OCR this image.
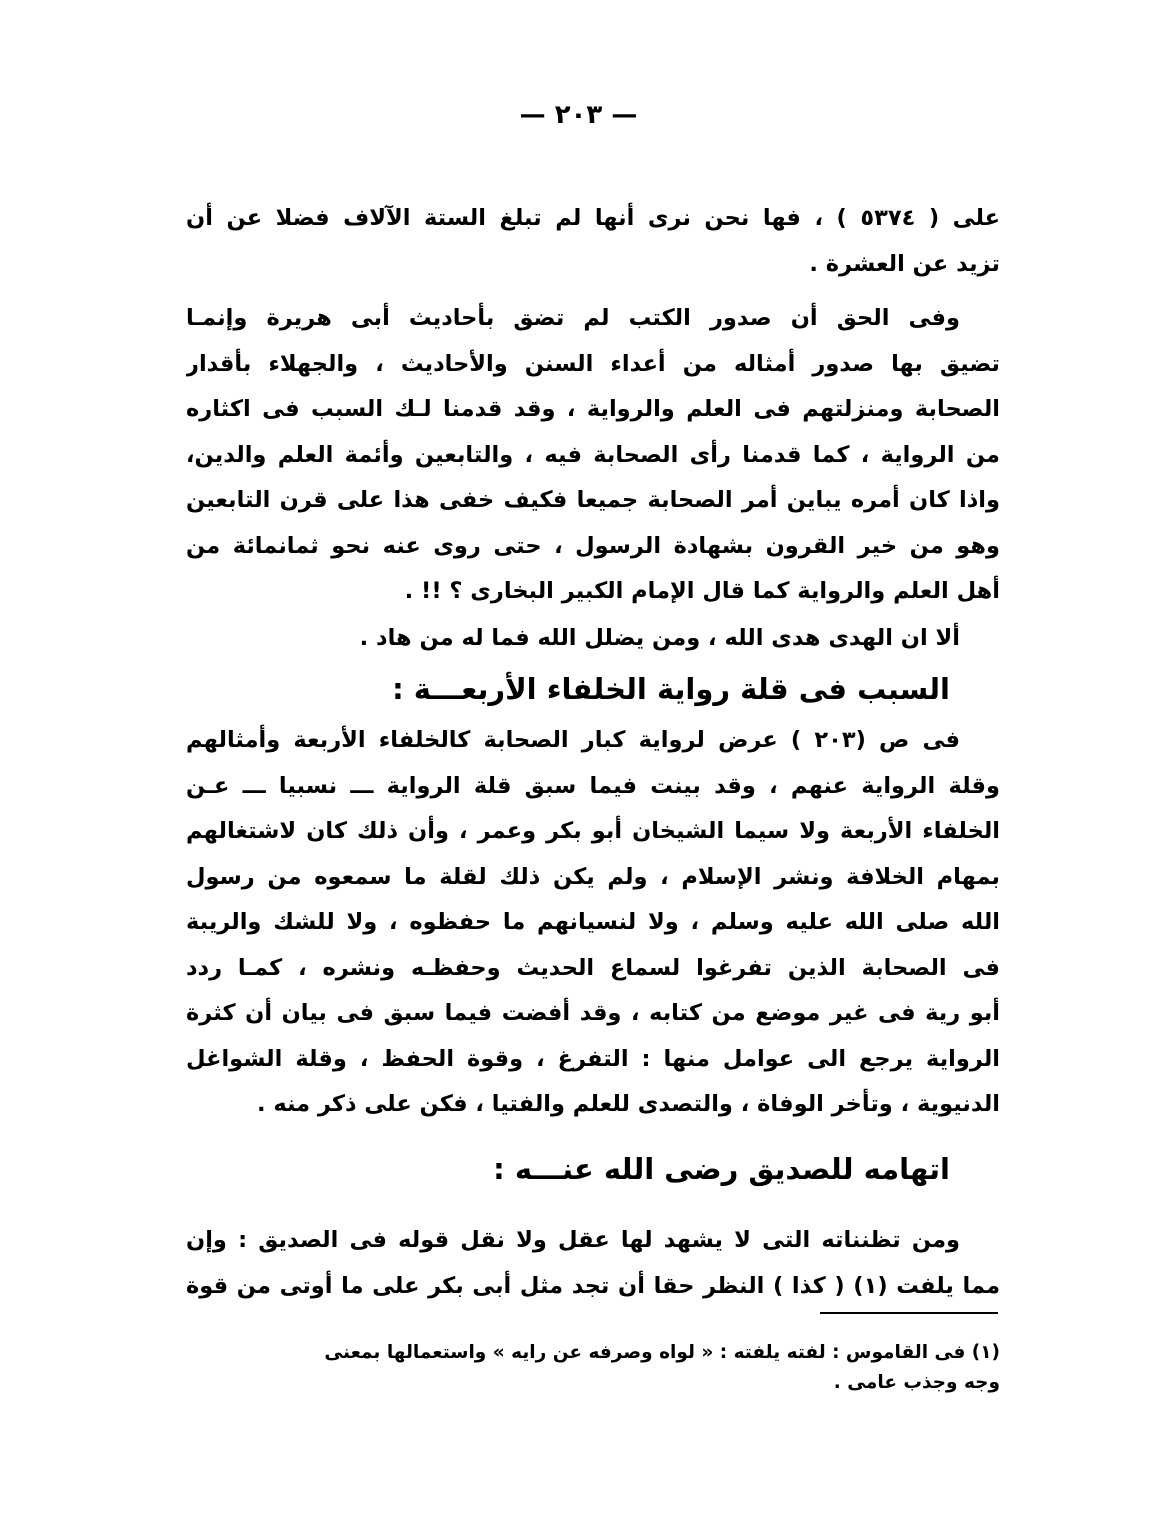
— ٢٠٣ —
على ( ٥٣٧٤ ) ، فها نحن نرى أنها لم تبلغ الستة الآلاف فضلا عن أن
تزيد عن العشرة .
وفى الحق أن صدور الكتب لم تضق بأحاديث أبى هريرة وإنمـا
تضيق بها صدور أمثاله من أعداء السنن والأحاديث ، والجهلاء بأقدار
الصحابة ومنزلتهم فى العلم والرواية ، وقد قدمنا لـك السبب فى اكثاره
من الرواية ، كما قدمنا رأى الصحابة فيه ، والتابعين وأئمة العلم والدين،
واذا كان أمره يباين أمر الصحابة جميعا فكيف خفى هذا على قرن التابعين
وهو من خير القرون بشهادة الرسول ، حتى روى عنه نحو ثمانمائة من
أهل العلم والرواية كما قال الإمام الكبير البخارى ؟ !! .
ألا ان الهدى هدى الله ، ومن يضلل الله فما له من هاد .
السبب فى قلة رواية الخلفاء الأربعـــة :
فى ص (٢٠٣ ) عرض لرواية كبار الصحابة كالخلفاء الأربعة وأمثالهم
وقلة الرواية عنهم ، وقد بينت فيما سبق قلة الرواية ـــ نسبيا ـــ عـن
الخلفاء الأربعة ولا سيما الشيخان أبو بكر وعمر ، وأن ذلك كان لاشتغالهم
بمهام الخلافة ونشر الإسلام ، ولم يكن ذلك لقلة ما سمعوه من رسول
الله صلى الله عليه وسلم ، ولا لنسيانهم ما حفظوه ، ولا للشك والريبة
فى الصحابة الذين تفرغوا لسماع الحديث وحفظـه ونشره ، كمـا ردد
أبو رية فى غير موضع من كتابه ، وقد أفضت فيما سبق فى بيان أن كثرة
الرواية يرجع الى عوامل منها : التفرغ ، وقوة الحفظ ، وقلة الشواغل
الدنيوية ، وتأخر الوفاة ، والتصدى للعلم والفتيا ، فكن على ذكر منه .
اتهامه للصديق رضى الله عنـــه :
ومن تظنناته التى لا يشهد لها عقل ولا نقل قوله فى الصديق : وإن
مما يلفت (١) ( كذا ) النظر حقا أن تجد مثل أبى بكر على ما أوتى من قوة
(١) فى القاموس : لفته يلفته : « لواه وصرفه عن رايه » واستعمالها بمعنى
وجه وجذب عامى .
